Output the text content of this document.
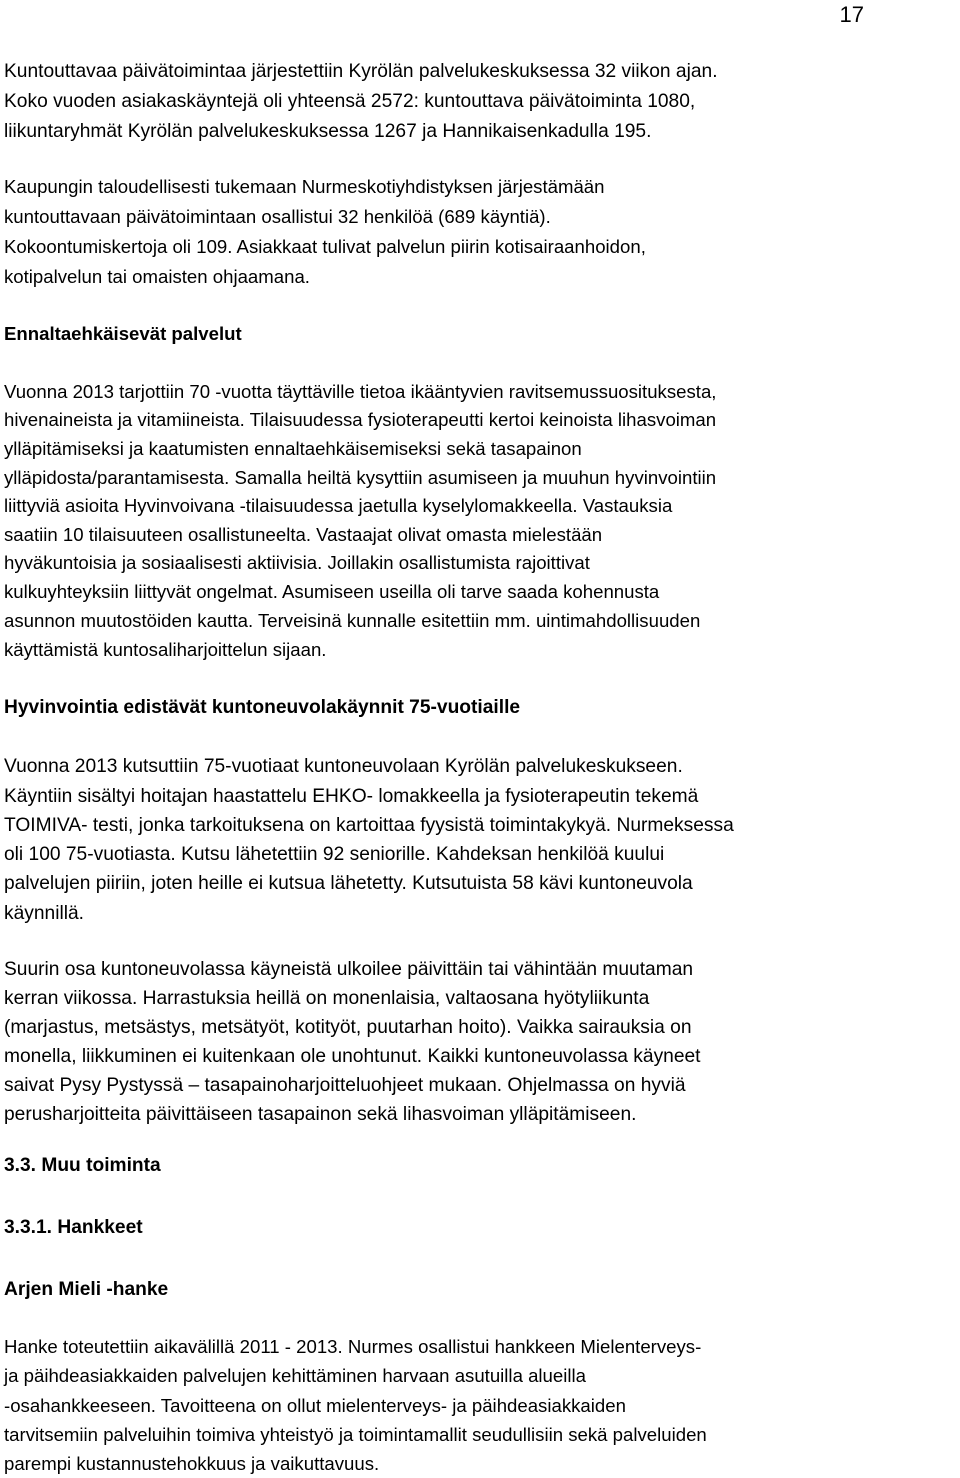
17
Kuntouttavaa päivätoimintaa järjestettiin Kyrölän palvelukeskuksessa 32 viikon ajan.
Koko vuoden asiakaskäyntejä oli yhteensä 2572: kuntouttava päivätoiminta 1080,
liikuntaryhmät Kyrölän palvelukeskuksessa 1267 ja Hannikaisenkadulla 195.
Kaupungin taloudellisesti tukemaan Nurmeskotiyhdistyksen järjestämään
kuntouttavaan päivätoimintaan osallistui 32 henkilöä (689 käyntiä).
Kokoontumiskertoja oli 109. Asiakkaat tulivat palvelun piirin kotisairaanhoidon,
kotipalvelun tai omaisten ohjaamana.
Ennaltaehkäisevät palvelut
Vuonna 2013 tarjottiin 70 -vuotta täyttäville tietoa ikääntyvien ravitsemussuosituksesta,
hivenaineista ja vitamiineista. Tilaisuudessa fysioterapeutti kertoi keinoista lihasvoiman
ylläpitämiseksi ja kaatumisten ennaltaehkäisemiseksi sekä tasapainon
ylläpidosta/parantamisesta. Samalla heiltä kysyttiin asumiseen ja muuhun hyvinvointiin
liittyviä asioita Hyvinvoivana -tilaisuudessa jaetulla kyselylomakkeella. Vastauksia
saatiin 10 tilaisuuteen osallistuneelta. Vastaajat olivat omasta mielestään
hyväkuntoisia ja sosiaalisesti aktiivisia. Joillakin osallistumista rajoittivat
kulkuyhteyksiin liittyvät ongelmat. Asumiseen useilla oli tarve saada kohennusta
asunnon muutostöiden kautta. Terveisinä kunnalle esitettiin mm. uintimahdollisuuden
käyttämistä kuntosaliharjoittelun sijaan.
Hyvinvointia edistävät kuntoneuvolakäynnit 75-vuotiaille
Vuonna 2013 kutsuttiin 75-vuotiaat kuntoneuvolaan Kyrölän palvelukeskukseen.
Käyntiin sisältyi hoitajan haastattelu EHKO- lomakkeella ja fysioterapeutin tekemä
TOIMIVA- testi, jonka tarkoituksena on kartoittaa fyysistä toimintakykyä. Nurmeksessa
oli 100 75-vuotiasta. Kutsu lähetettiin 92 seniorille. Kahdeksan henkilöä kuului
palvelujen piiriin, joten heille ei kutsua lähetetty. Kutsutuista 58 kävi kuntoneuvola
käynnillä.
Suurin osa kuntoneuvolassa käyneistä ulkoilee päivittäin tai vähintään muutaman
kerran viikossa. Harrastuksia heillä on monenlaisia, valtaosana hyötyliikunta
(marjastus, metsästys, metsätyöt, kotityöt, puutarhan hoito). Vaikka sairauksia on
monella, liikkuminen ei kuitenkaan ole unohtunut. Kaikki kuntoneuvolassa käyneet
saivat Pysy Pystyssä – tasapainoharjoitteluohjeet mukaan. Ohjelmassa on hyviä
perusharjoitteita päivittäiseen tasapainon sekä lihasvoiman ylläpitämiseen.
3.3. Muu toiminta
3.3.1. Hankkeet
Arjen Mieli -hanke
Hanke toteutettiin aikavälillä 2011 - 2013. Nurmes osallistui hankkeen Mielenterveys-
ja päihdeasiakkaiden palvelujen kehittäminen harvaan asutuilla alueilla
-osahankkeeseen. Tavoitteena on ollut mielenterveys- ja päihdeasiakkaiden
tarvitsemiin palveluihin toimiva yhteistyö ja toimintamallit seudullisiin sekä palveluiden
parempi kustannustehokkuus ja vaikuttavuus.
